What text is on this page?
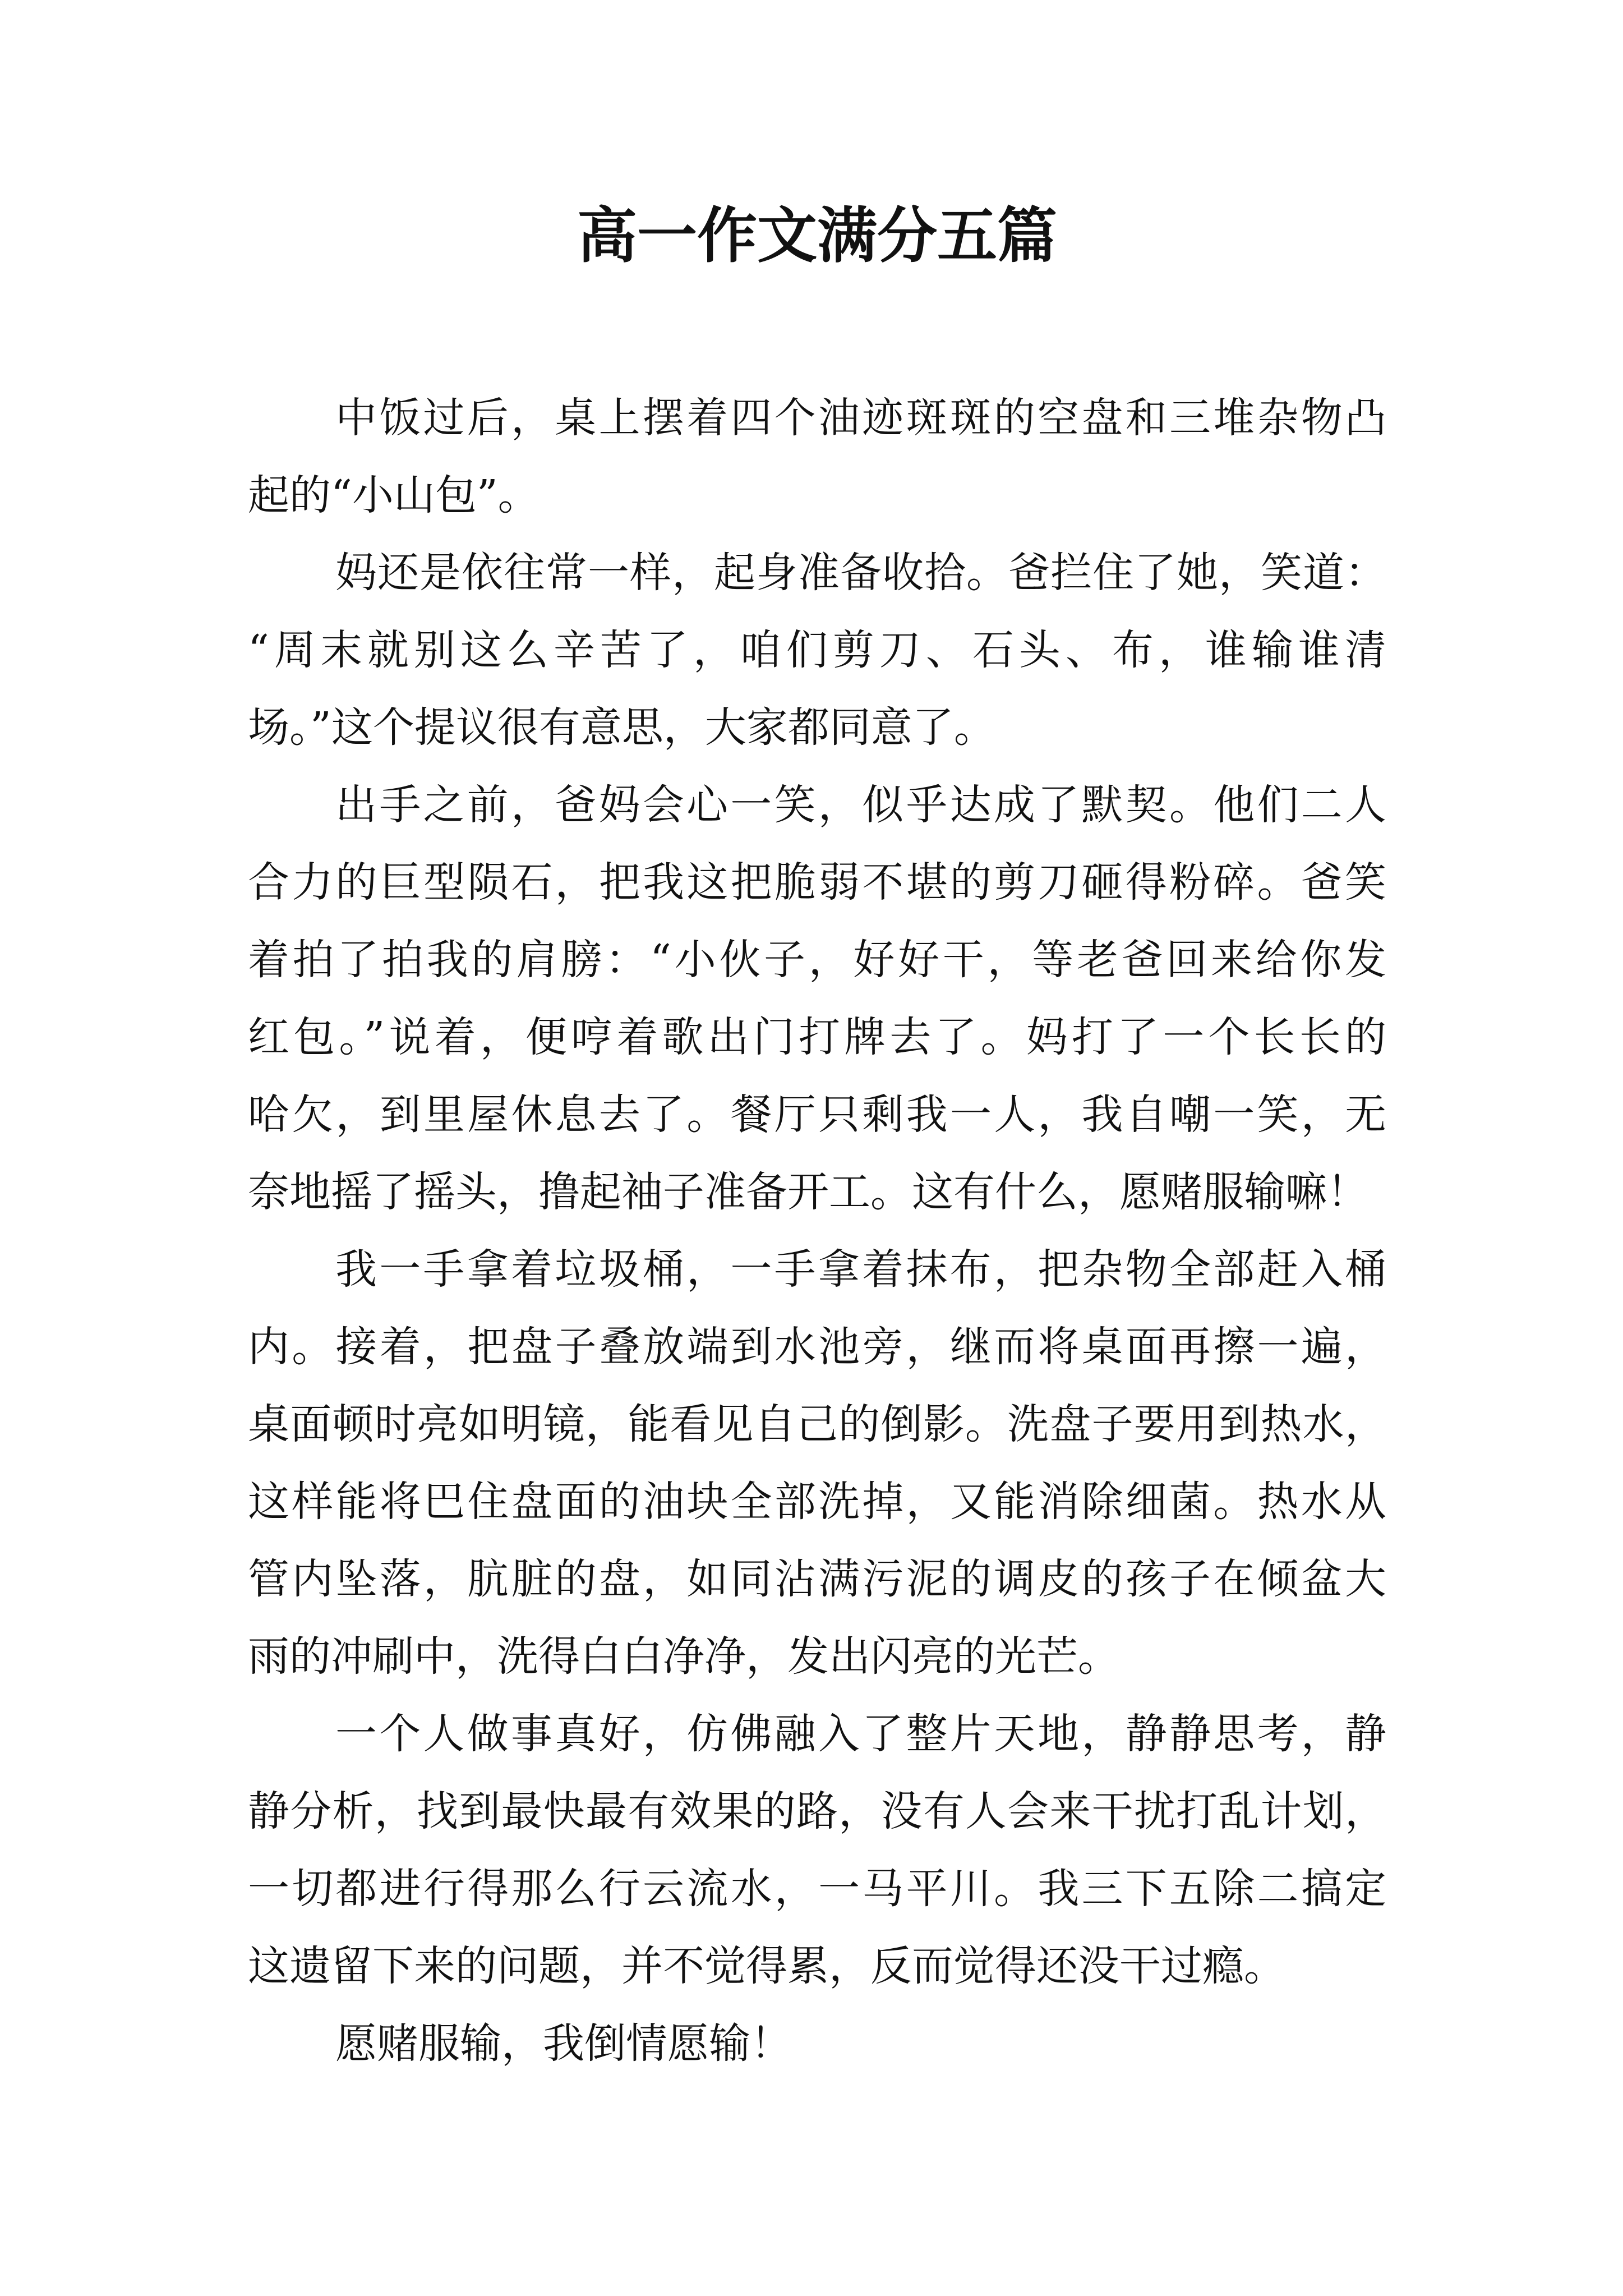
高一作文满分五篇
中饭过后，桌上摆着四个油迹斑斑的空盘和三堆杂物凸
起的“小山包”。
妈还是依往常一样，起身准备收拾。爸拦住了她，笑道：
“周末就别这么辛苦了，咱们剪刀、石头、布，谁输谁清
场。”这个提议很有意思，大家都同意了。
出手之前，爸妈会心一笑，似乎达成了默契。他们二人
合力的巨型陨石，把我这把脆弱不堪的剪刀砸得粉碎。爸笑
着拍了拍我的肩膀：“小伙子，好好干，等老爸回来给你发
红包。”说着，便哼着歌出门打牌去了。妈打了一个长长的
哈欠，到里屋休息去了。餐厅只剩我一人，我自嘲一笑，无
奈地摇了摇头，撸起袖子准备开工。这有什么，愿赌服输嘛！
我一手拿着垃圾桶，一手拿着抹布，把杂物全部赶入桶
内。接着，把盘子叠放端到水池旁，继而将桌面再擦一遍，
桌面顿时亮如明镜，能看见自己的倒影。洗盘子要用到热水，
这样能将巴住盘面的油块全部洗掉，又能消除细菌。热水从
管内坠落，肮脏的盘，如同沾满污泥的调皮的孩子在倾盆大
雨的冲刷中，洗得白白净净，发出闪亮的光芒。
一个人做事真好，仿佛融入了整片天地，静静思考，静
静分析，找到最快最有效果的路，没有人会来干扰打乱计划，
一切都进行得那么行云流水，一马平川。我三下五除二搞定
这遗留下来的问题，并不觉得累，反而觉得还没干过瘾。
愿赌服输，我倒情愿输！
